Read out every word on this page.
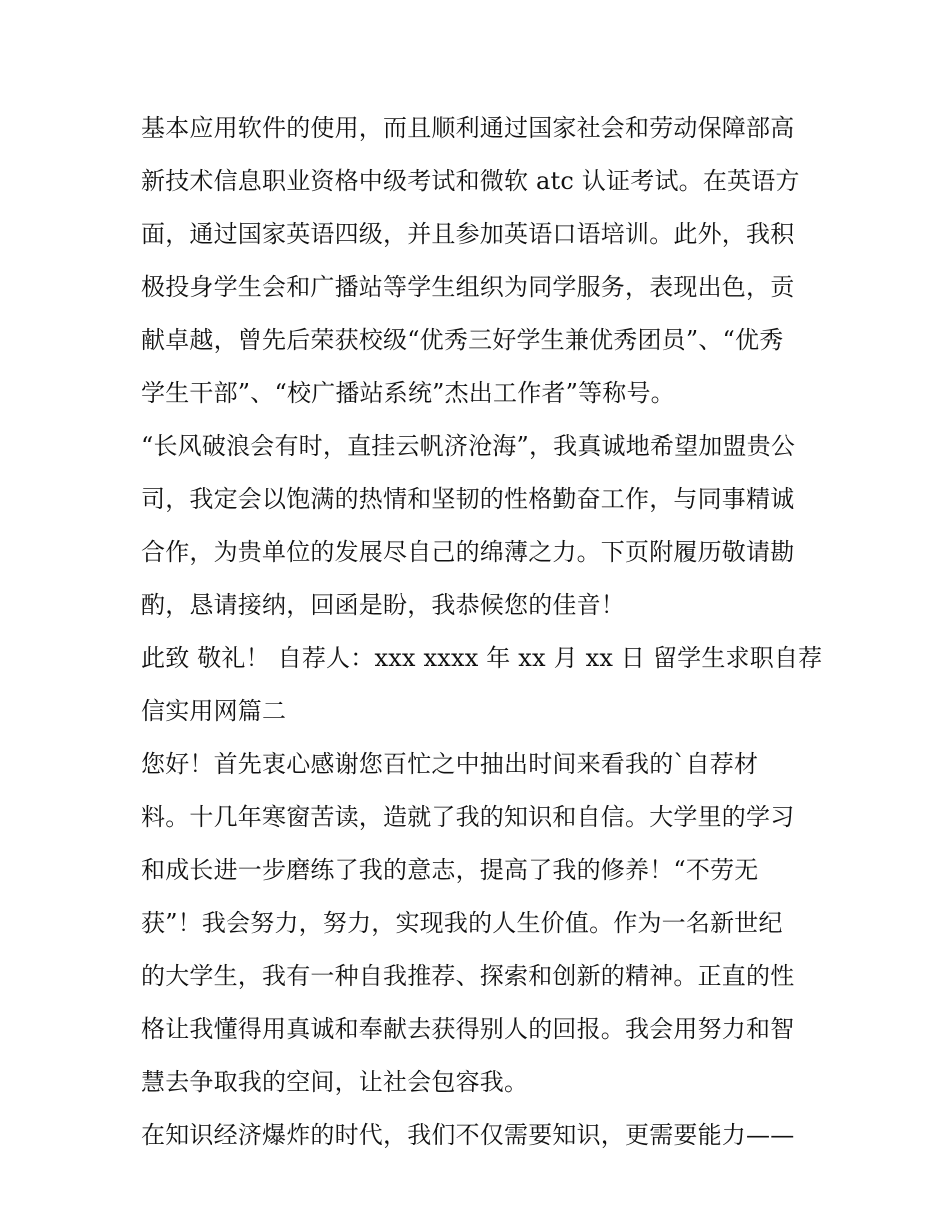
基本应用软件的使用，而且顺利通过国家社会和劳动保障部高
新技术信息职业资格中级考试和微软 atc 认证考试。在英语方
面，通过国家英语四级，并且参加英语口语培训。此外，我积
极投身学生会和广播站等学生组织为同学服务，表现出色，贡
献卓越，曾先后荣获校级“优秀三好学生兼优秀团员”、“优秀
学生干部”、“校广播站系统”杰出工作者”等称号。
“长风破浪会有时，直挂云帆济沧海”，我真诚地希望加盟贵公
司，我定会以饱满的热情和坚韧的性格勤奋工作，与同事精诚
合作，为贵单位的发展尽自己的绵薄之力。下页附履历敬请勘
酌，恳请接纳，回函是盼，我恭候您的佳音！
此致 敬礼！ 自荐人：xxx xxxx 年 xx 月 xx 日 留学生求职自荐
信实用网篇二
您好！首先衷心感谢您百忙之中抽出时间来看我的`自荐材
料。十几年寒窗苦读，造就了我的知识和自信。大学里的学习
和成长进一步磨练了我的意志，提高了我的修养！“不劳无
获”！我会努力，努力，实现我的人生价值。作为一名新世纪
的大学生，我有一种自我推荐、探索和创新的精神。正直的性
格让我懂得用真诚和奉献去获得别人的回报。我会用努力和智
慧去争取我的空间，让社会包容我。
在知识经济爆炸的时代，我们不仅需要知识，更需要能力——
